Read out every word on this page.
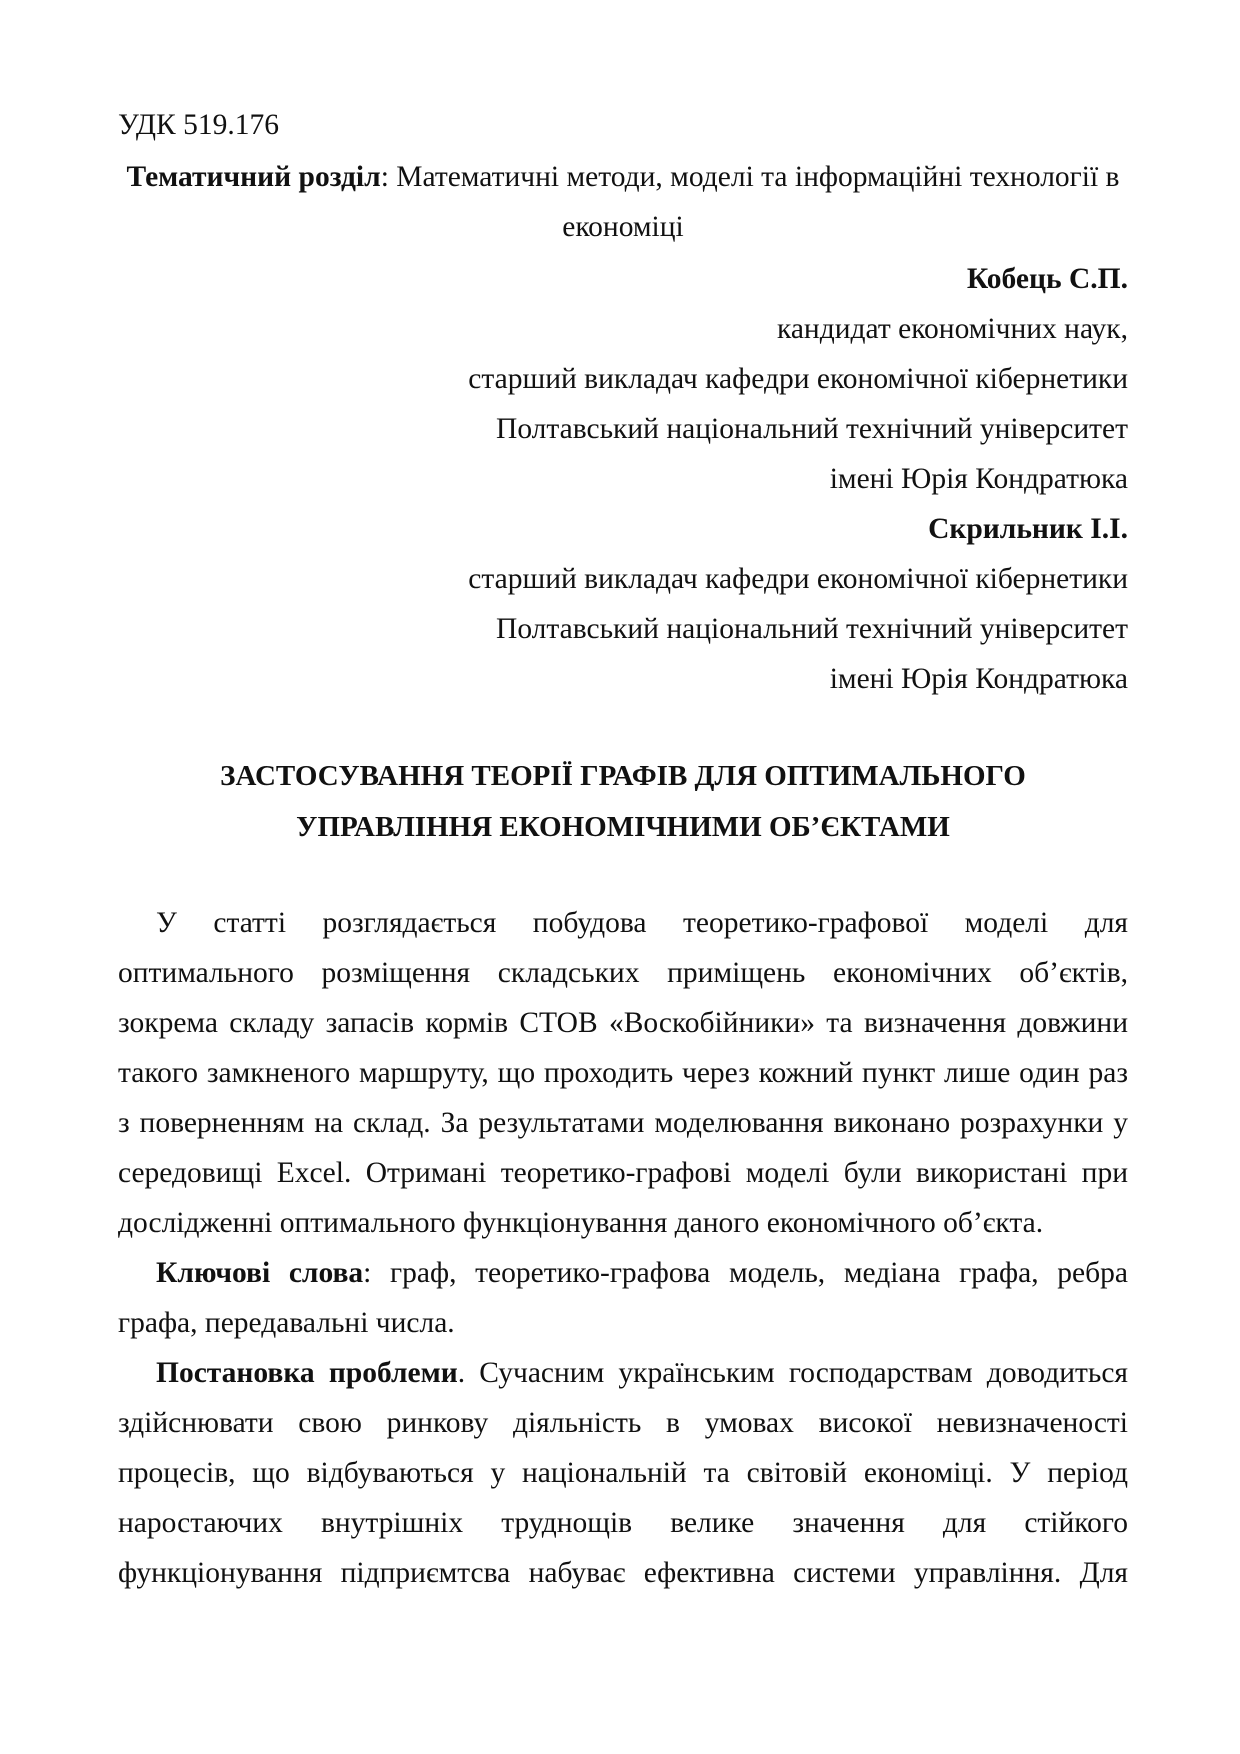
УДК 519.176
Тематичний розділ: Математичні методи, моделі та інформаційні технології в
економіці
Кобець С.П.
кандидат економічних наук,
старший викладач кафедри економічної кібернетики
Полтавський національний технічний університет
імені Юрія Кондратюка
Скрильник І.І.
старший викладач кафедри економічної кібернетики
Полтавський національний технічний університет
імені Юрія Кондратюка
ЗАСТОСУВАННЯ ТЕОРІЇ ГРАФІВ ДЛЯ ОПТИМАЛЬНОГО
УПРАВЛІННЯ ЕКОНОМІЧНИМИ ОБ’ЄКТАМИ
У статті розглядається побудова теоретико-графової моделі для
оптимального розміщення складських приміщень економічних об’єктів,
зокрема складу запасів кормів СТОВ «Воскобійники» та визначення довжини
такого замкненого маршруту, що проходить через кожний пункт лише один раз
з поверненням на склад. За результатами моделювання виконано розрахунки у
середовищі Excel. Отримані теоретико-графові моделі були використані при
дослідженні оптимального функціонування даного економічного об’єкта.
Ключові слова: граф, теоретико-графова модель, медіана графа, ребра
графа, передавальні числа.
Постановка проблеми. Сучасним українським господарствам доводиться
здійснювати свою ринкову діяльність в умовах високої невизначеності
процесів, що відбуваються у національній та світовій економіці. У період
наростаючих внутрішніх труднощів велике значення для стійкого
функціонування підприємтсва набуває ефективна системи управління. Для
